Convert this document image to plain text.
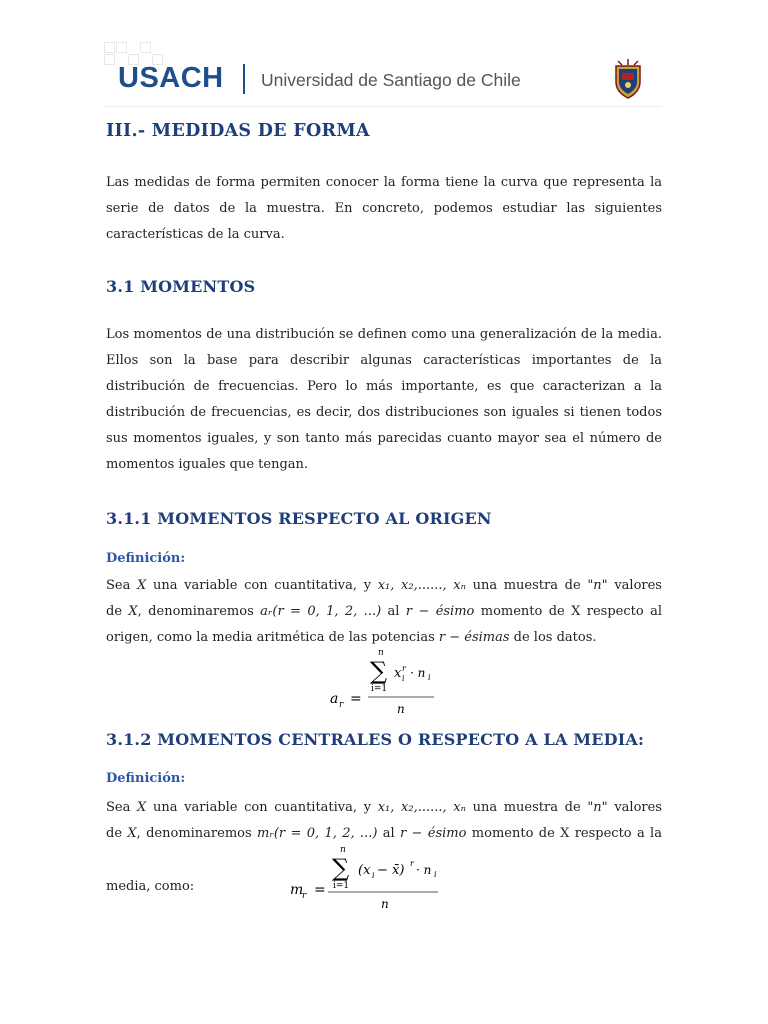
USACH Universidad de Santiago de Chile
III.- MEDIDAS DE FORMA
Las medidas de forma permiten conocer la forma tiene la curva que representa la
serie de datos de la muestra. En concreto, podemos estudiar las siguientes
características de la curva.
3.1 MOMENTOS
Los momentos de una distribución se definen como una generalización de la media.
Ellos son la base para describir algunas características importantes de la
distribución de frecuencias. Pero lo más importante, es que caracterizan a la
distribución de frecuencias, es decir, dos distribuciones son iguales si tienen todos
sus momentos iguales, y son tanto más parecidas cuanto mayor sea el número de
momentos iguales que tengan.
3.1.1 MOMENTOS RESPECTO AL ORIGEN
Definición:
Sea X una variable con cuantitativa, y x₁, x₂,......, xₙ una muestra de "n" valores
de X, denominaremos aᵣ(r = 0, 1, 2, ...) al r − ésimo momento de X respecto al
origen, como la media aritmética de las potencias r − ésimas de los datos.
a r =
n
∑
i=1
x r
i · n i
n
3.1.2 MOMENTOS CENTRALES O RESPECTO A LA MEDIA:
Definición:
Sea X una variable con cuantitativa, y x₁, x₂,......, xₙ una muestra de "n" valores
de X, denominaremos mᵣ(r = 0, 1, 2, ...) al r − ésimo momento de X respecto a la
media, como:	m
r =
n
∑
i=1
(x i − x̄) r · n i
n
